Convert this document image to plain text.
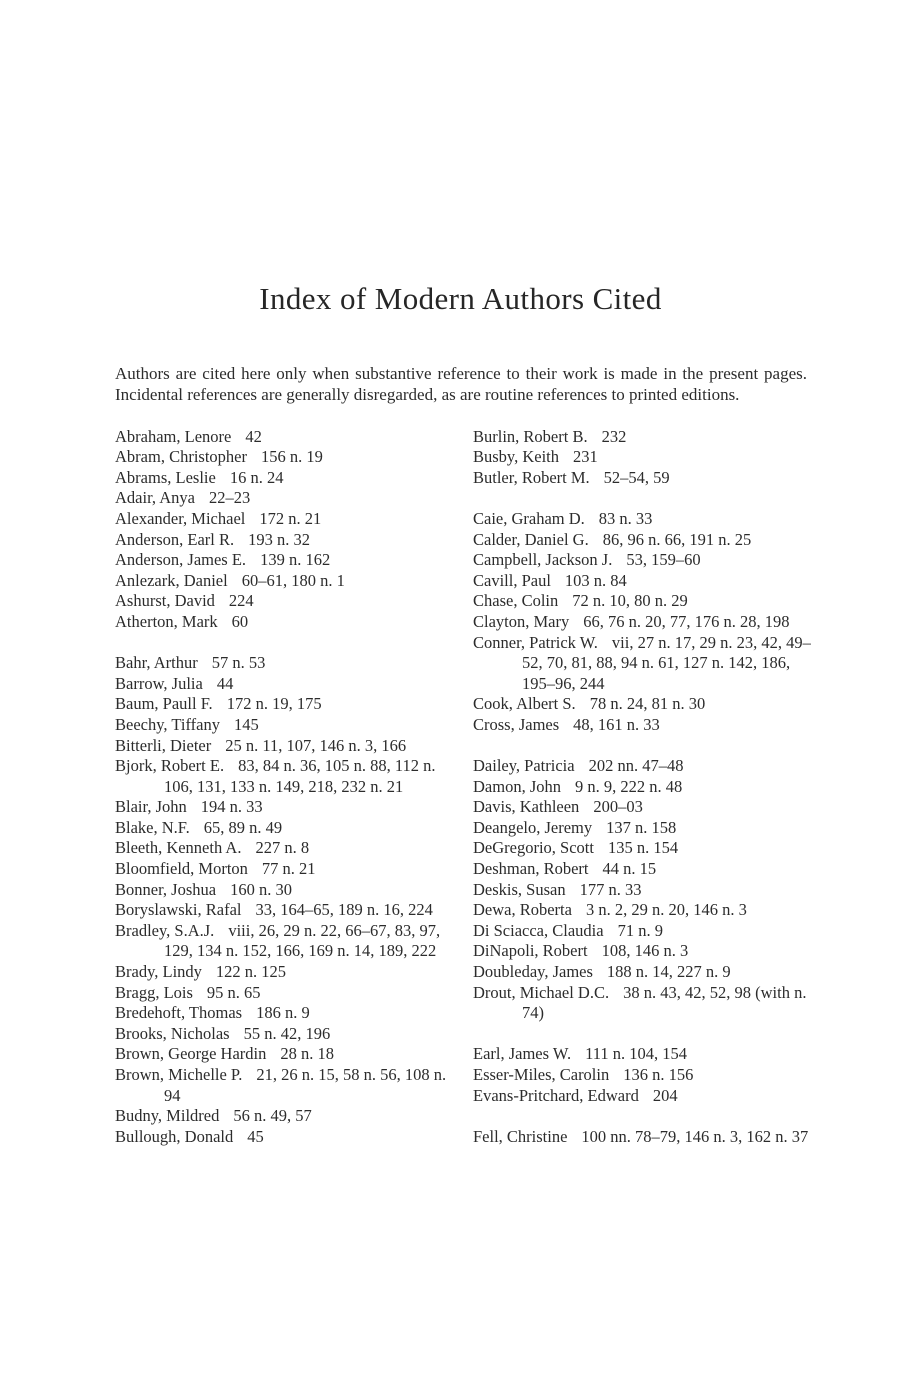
Index of Modern Authors Cited

Authors are cited here only when substantive reference to their work is made in the present pages. Incidental references are generally disregarded, as are routine references to printed editions.

Abraham, Lenore 42
Abram, Christopher 156 n. 19
Abrams, Leslie 16 n. 24
Adair, Anya 22–23
Alexander, Michael 172 n. 21
Anderson, Earl R. 193 n. 32
Anderson, James E. 139 n. 162
Anlezark, Daniel 60–61, 180 n. 1
Ashurst, David 224
Atherton, Mark 60
Bahr, Arthur 57 n. 53
Barrow, Julia 44
Baum, Paull F. 172 n. 19, 175
Beechy, Tiffany 145
Bitterli, Dieter 25 n. 11, 107, 146 n. 3, 166
Bjork, Robert E. 83, 84 n. 36, 105 n. 88, 112 n. 106, 131, 133 n. 149, 218, 232 n. 21
Blair, John 194 n. 33
Blake, N.F. 65, 89 n. 49
Bleeth, Kenneth A. 227 n. 8
Bloomfield, Morton 77 n. 21
Bonner, Joshua 160 n. 30
Boryslawski, Rafal 33, 164–65, 189 n. 16, 224
Bradley, S.A.J. viii, 26, 29 n. 22, 66–67, 83, 97, 129, 134 n. 152, 166, 169 n. 14, 189, 222
Brady, Lindy 122 n. 125
Bragg, Lois 95 n. 65
Bredehoft, Thomas 186 n. 9
Brooks, Nicholas 55 n. 42, 196
Brown, George Hardin 28 n. 18
Brown, Michelle P. 21, 26 n. 15, 58 n. 56, 108 n. 94
Budny, Mildred 56 n. 49, 57
Bullough, Donald 45
Burlin, Robert B. 232
Busby, Keith 231
Butler, Robert M. 52–54, 59
Caie, Graham D. 83 n. 33
Calder, Daniel G. 86, 96 n. 66, 191 n. 25
Campbell, Jackson J. 53, 159–60
Cavill, Paul 103 n. 84
Chase, Colin 72 n. 10, 80 n. 29
Clayton, Mary 66, 76 n. 20, 77, 176 n. 28, 198
Conner, Patrick W. vii, 27 n. 17, 29 n. 23, 42, 49–52, 70, 81, 88, 94 n. 61, 127 n. 142, 186, 195–96, 244
Cook, Albert S. 78 n. 24, 81 n. 30
Cross, James 48, 161 n. 33
Dailey, Patricia 202 nn. 47–48
Damon, John 9 n. 9, 222 n. 48
Davis, Kathleen 200–03
Deangelo, Jeremy 137 n. 158
DeGregorio, Scott 135 n. 154
Deshman, Robert 44 n. 15
Deskis, Susan 177 n. 33
Dewa, Roberta 3 n. 2, 29 n. 20, 146 n. 3
Di Sciacca, Claudia 71 n. 9
DiNapoli, Robert 108, 146 n. 3
Doubleday, James 188 n. 14, 227 n. 9
Drout, Michael D.C. 38 n. 43, 42, 52, 98 (with n. 74)
Earl, James W. 111 n. 104, 154
Esser-Miles, Carolin 136 n. 156
Evans-Pritchard, Edward 204
Fell, Christine 100 nn. 78–79, 146 n. 3, 162 n. 37
